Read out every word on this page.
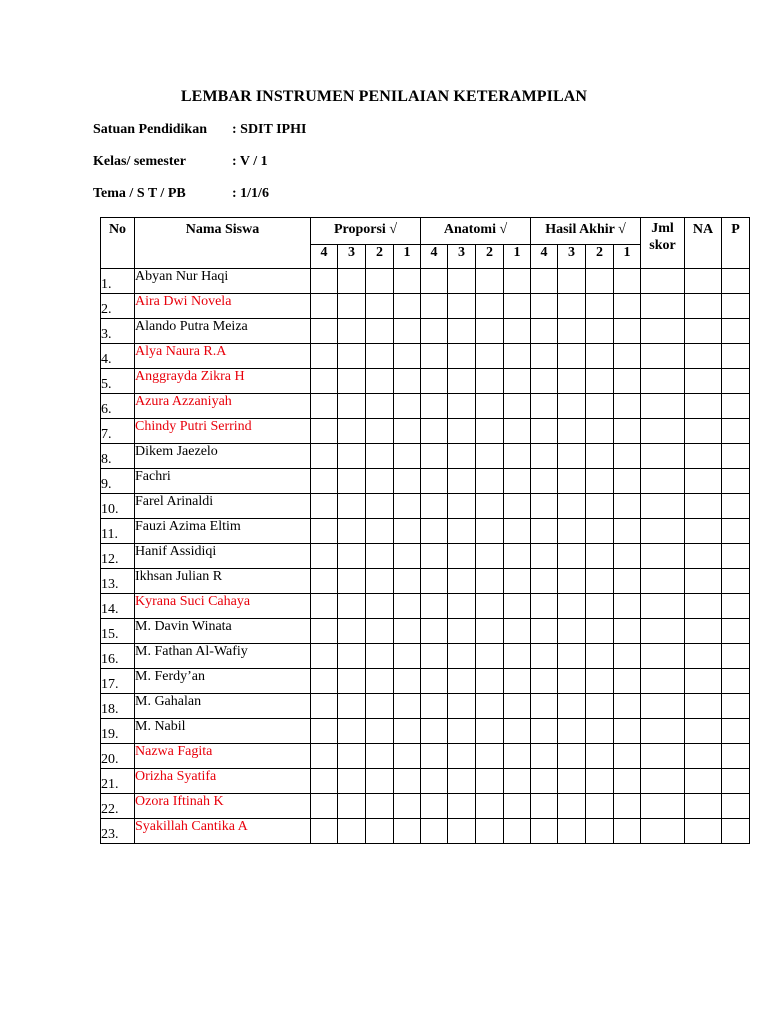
LEMBAR INSTRUMEN PENILAIAN KETERAMPILAN
Satuan Pendidikan : SDIT IPHI
Kelas/ semester	: V / 1
Tema / S T / PB	: 1/1/6
No	Nama Siswa	Proporsi √				Anatomi √				Hasil Akhir √				Jml skor	NA	P
		4	3	2	1	4	3	2	1	4	3	2	1			
1.	Abyan Nur Haqi															
2.	Aira Dwi Novela															
3.	Alando Putra Meiza															
4.	Alya Naura R.A															
5.	Anggrayda Zikra H															
6.	Azura Azzaniyah															
7.	Chindy Putri Serrind															
8.	Dikem Jaezelo															
9.	Fachri															
10.	Farel Arinaldi															
11.	Fauzi Azima Eltim															
12.	Hanif Assidiqi															
13.	Ikhsan Julian R															
14.	Kyrana Suci Cahaya															
15.	M. Davin Winata															
16.	M. Fathan Al-Wafiy															
17.	M. Ferdy’an															
18.	M. Gahalan															
19.	M. Nabil															
20.	Nazwa Fagita															
21.	Orizha Syatifa															
22.	Ozora Iftinah K															
23.	Syakillah Cantika A															
